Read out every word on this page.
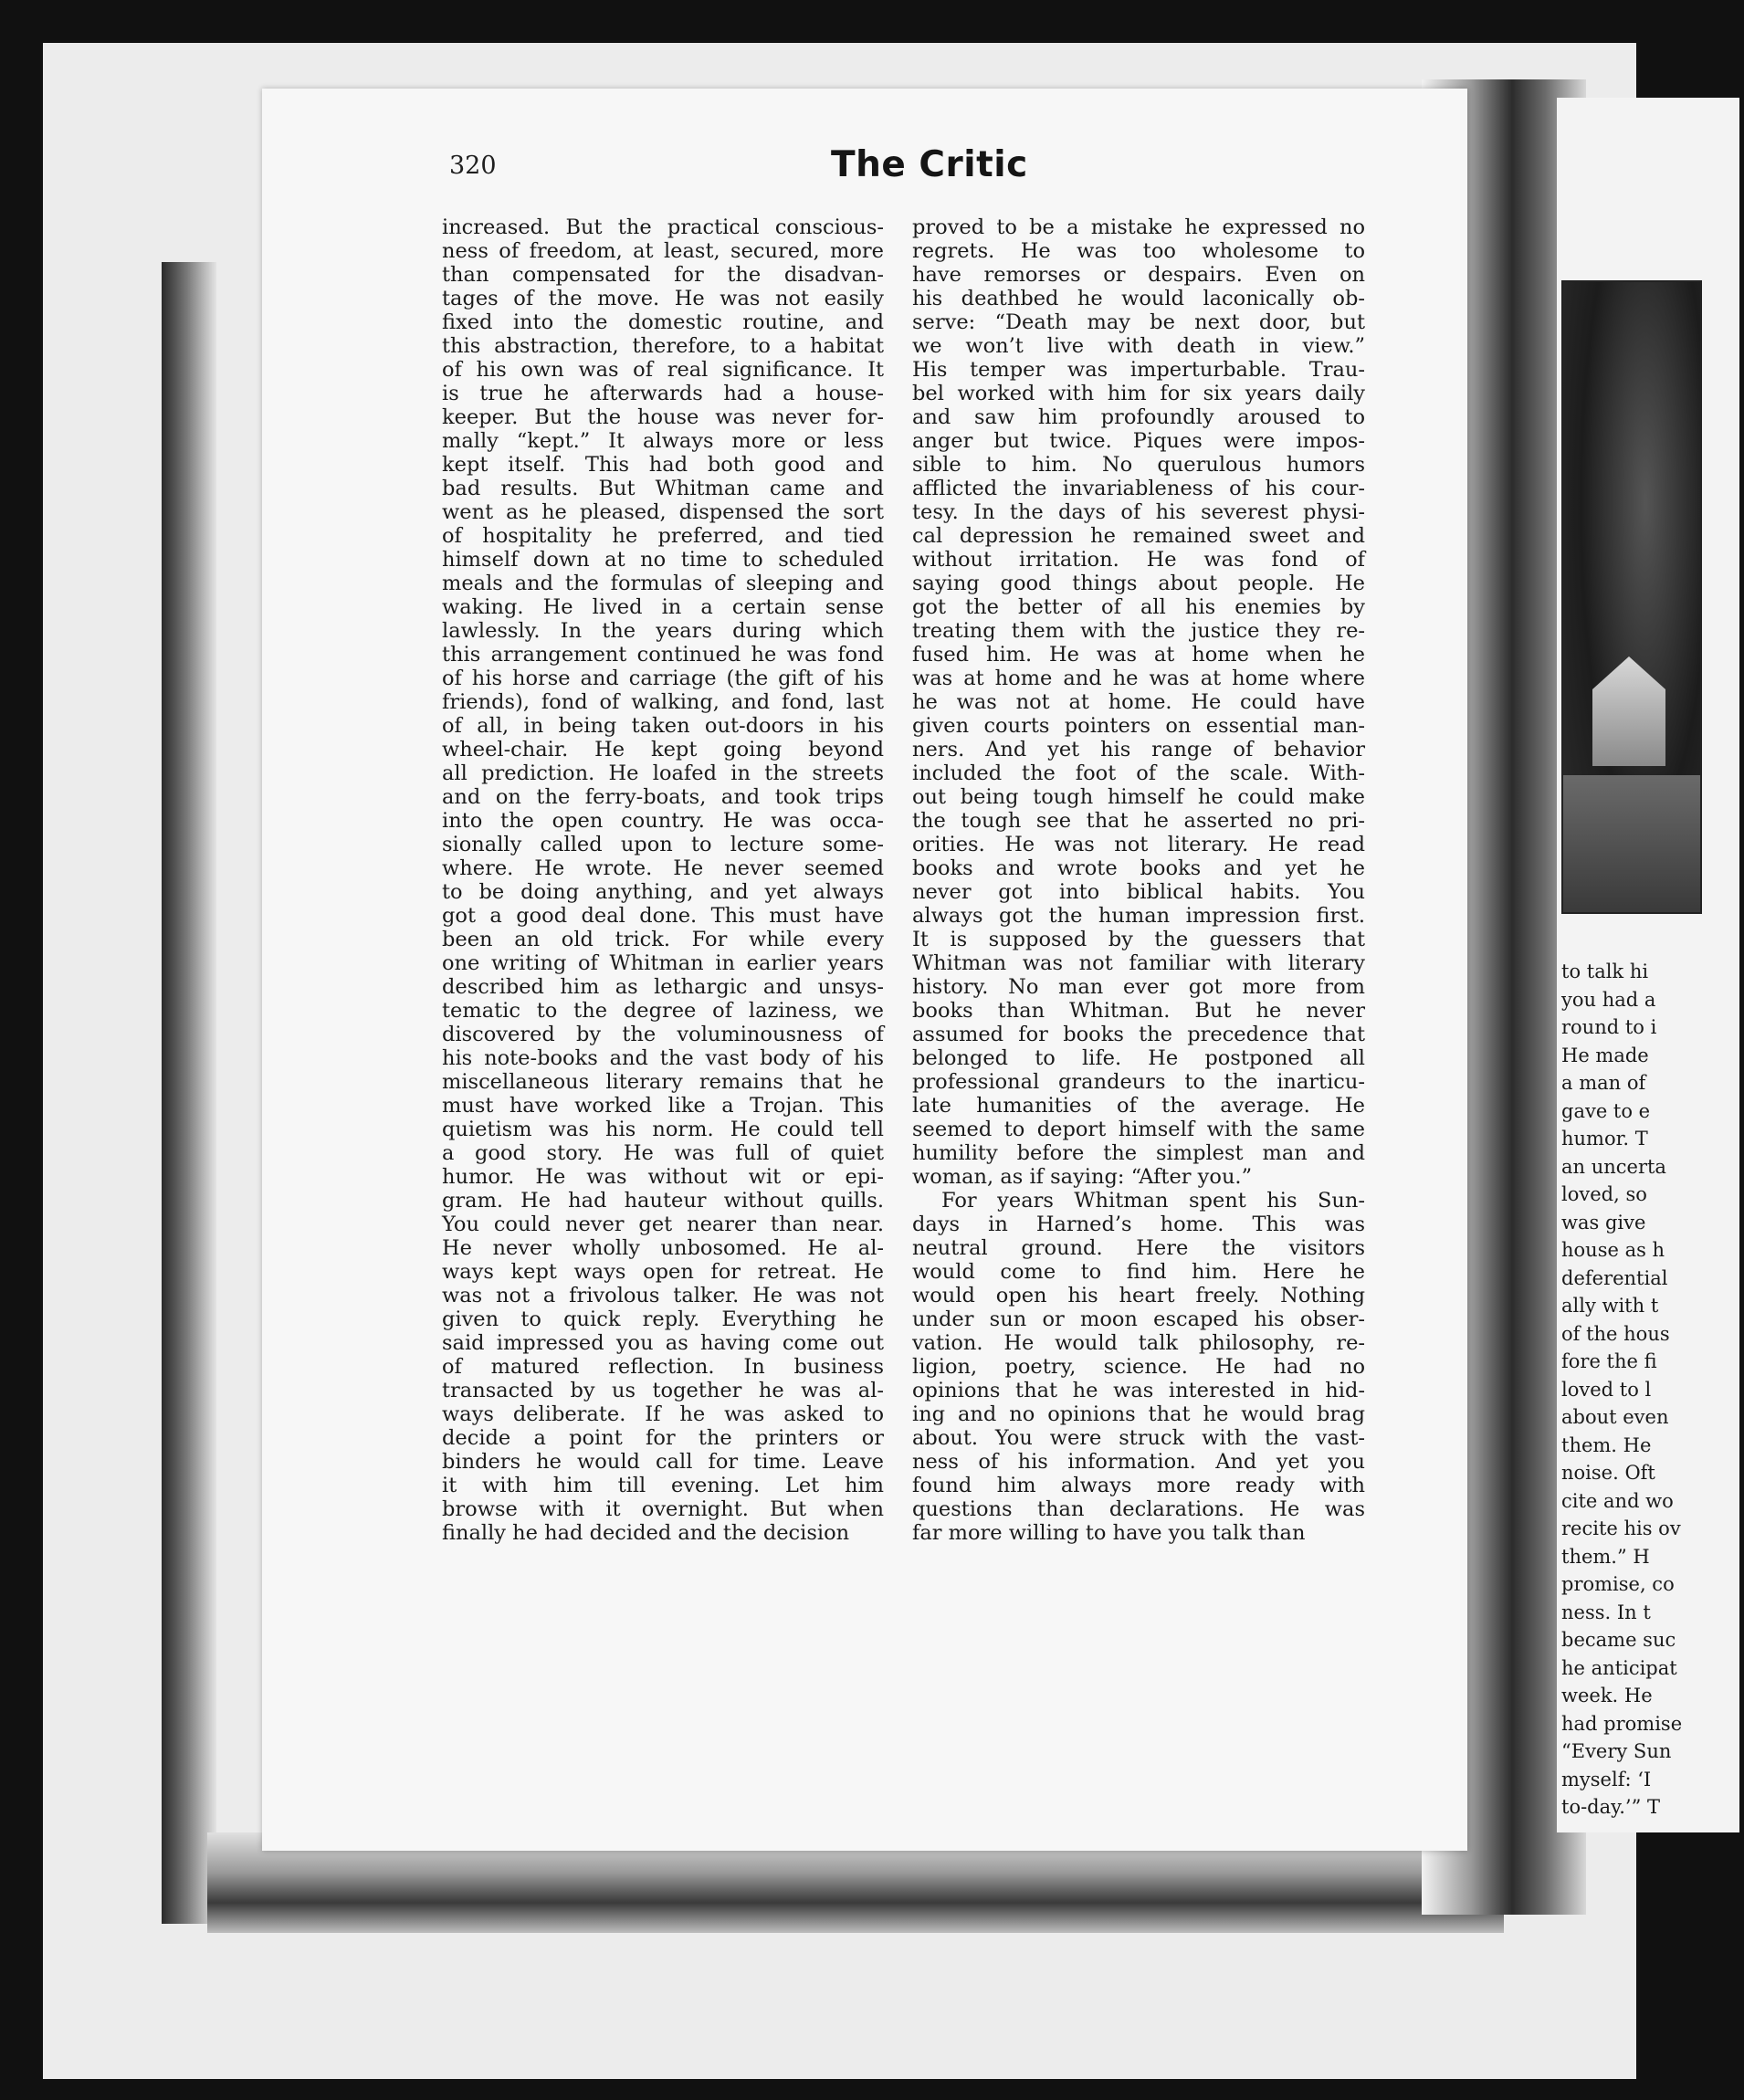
to talk hi
you had a
round to i
He made
a man of
gave to e
humor. T
an uncerta
loved, so
was give
house as h
deferential
ally with t
of the hous
fore the fi
loved to l
about even
them. He
noise. Oft
cite and wo
recite his ov
them.” H
promise, co
ness. In t
became suc
he anticipat
week. He
had promise
“Every Sun
myself: ‘I
to-day.’” T
320	The Critic
increased. But the practical conscious-
ness of freedom, at least, secured, more
than compensated for the disadvan-
tages of the move. He was not easily
fixed into the domestic routine, and
this abstraction, therefore, to a habitat
of his own was of real significance. It
is true he afterwards had a house-
keeper. But the house was never for-
mally “kept.” It always more or less
kept itself. This had both good and
bad results. But Whitman came and
went as he pleased, dispensed the sort
of hospitality he preferred, and tied
himself down at no time to scheduled
meals and the formulas of sleeping and
waking. He lived in a certain sense
lawlessly. In the years during which
this arrangement continued he was fond
of his horse and carriage (the gift of his
friends), fond of walking, and fond, last
of all, in being taken out-doors in his
wheel-chair. He kept going beyond
all prediction. He loafed in the streets
and on the ferry-boats, and took trips
into the open country. He was occa-
sionally called upon to lecture some-
where. He wrote. He never seemed
to be doing anything, and yet always
got a good deal done. This must have
been an old trick. For while every
one writing of Whitman in earlier years
described him as lethargic and unsys-
tematic to the degree of laziness, we
discovered by the voluminousness of
his note-books and the vast body of his
miscellaneous literary remains that he
must have worked like a Trojan. This
quietism was his norm. He could tell
a good story. He was full of quiet
humor. He was without wit or epi-
gram. He had hauteur without quills.
You could never get nearer than near.
He never wholly unbosomed. He al-
ways kept ways open for retreat. He
was not a frivolous talker. He was not
given to quick reply. Everything he
said impressed you as having come out
of matured reflection. In business
transacted by us together he was al-
ways deliberate. If he was asked to
decide a point for the printers or
binders he would call for time. Leave
it with him till evening. Let him
browse with it overnight. But when
finally he had decided and the decision
proved to be a mistake he expressed no
regrets. He was too wholesome to
have remorses or despairs. Even on
his deathbed he would laconically ob-
serve: “Death may be next door, but
we won’t live with death in view.”
His temper was imperturbable. Trau-
bel worked with him for six years daily
and saw him profoundly aroused to
anger but twice. Piques were impos-
sible to him. No querulous humors
afflicted the invariableness of his cour-
tesy. In the days of his severest physi-
cal depression he remained sweet and
without irritation. He was fond of
saying good things about people. He
got the better of all his enemies by
treating them with the justice they re-
fused him. He was at home when he
was at home and he was at home where
he was not at home. He could have
given courts pointers on essential man-
ners. And yet his range of behavior
included the foot of the scale. With-
out being tough himself he could make
the tough see that he asserted no pri-
orities. He was not literary. He read
books and wrote books and yet he
never got into biblical habits. You
always got the human impression first.
It is supposed by the guessers that
Whitman was not familiar with literary
history. No man ever got more from
books than Whitman. But he never
assumed for books the precedence that
belonged to life. He postponed all
professional grandeurs to the inarticu-
late humanities of the average. He
seemed to deport himself with the same
humility before the simplest man and
woman, as if saying: “After you.”
For years Whitman spent his Sun-
days in Harned’s home. This was
neutral ground. Here the visitors
would come to find him. Here he
would open his heart freely. Nothing
under sun or moon escaped his obser-
vation. He would talk philosophy, re-
ligion, poetry, science. He had no
opinions that he was interested in hid-
ing and no opinions that he would brag
about. You were struck with the vast-
ness of his information. And yet you
found him always more ready with
questions than declarations. He was
far more willing to have you talk than
